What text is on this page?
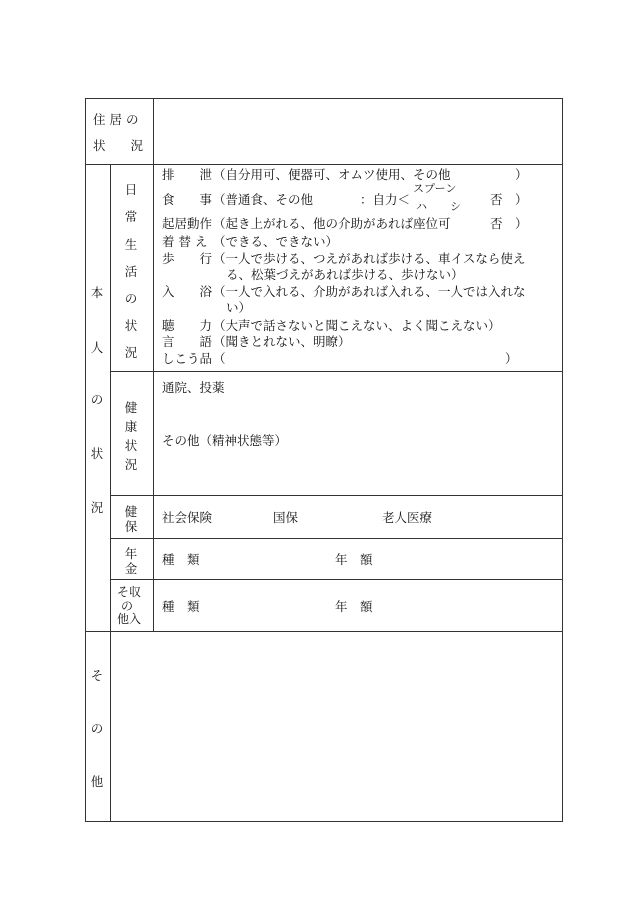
住 居 の
状　　況
本
人
の
状
況
日
常
生
活
の
状
況
排　　泄 （自分用可、便器可、オムツ使用、その他	）
食　　事 （普通食、その他	：自力＜
スプーン
ハ シ 否 ）
起居動作 （起き上がれる、他の介助があれば座位可	否 ）
着 替 え （できる、できない）
歩　　行 （一人で歩ける、つえがあれば歩ける、車イスなら使え
る、松葉づえがあれば歩ける、歩けない）
入　　浴 （一人で入れる、介助があれば入れる、一人では入れな
い）
聴　　力 （大声で話さないと聞こえない、よく聞こえない）
言　　語 （聞きとれない、明瞭）
しこう品 （	）
健
康
状
況
通院、投薬
その他（精神状態等）
健
保
社会保険	国保	老人医療
年
金
種　類	年　額
そ収
の
他入
種　類	年　額
そ
の
他
